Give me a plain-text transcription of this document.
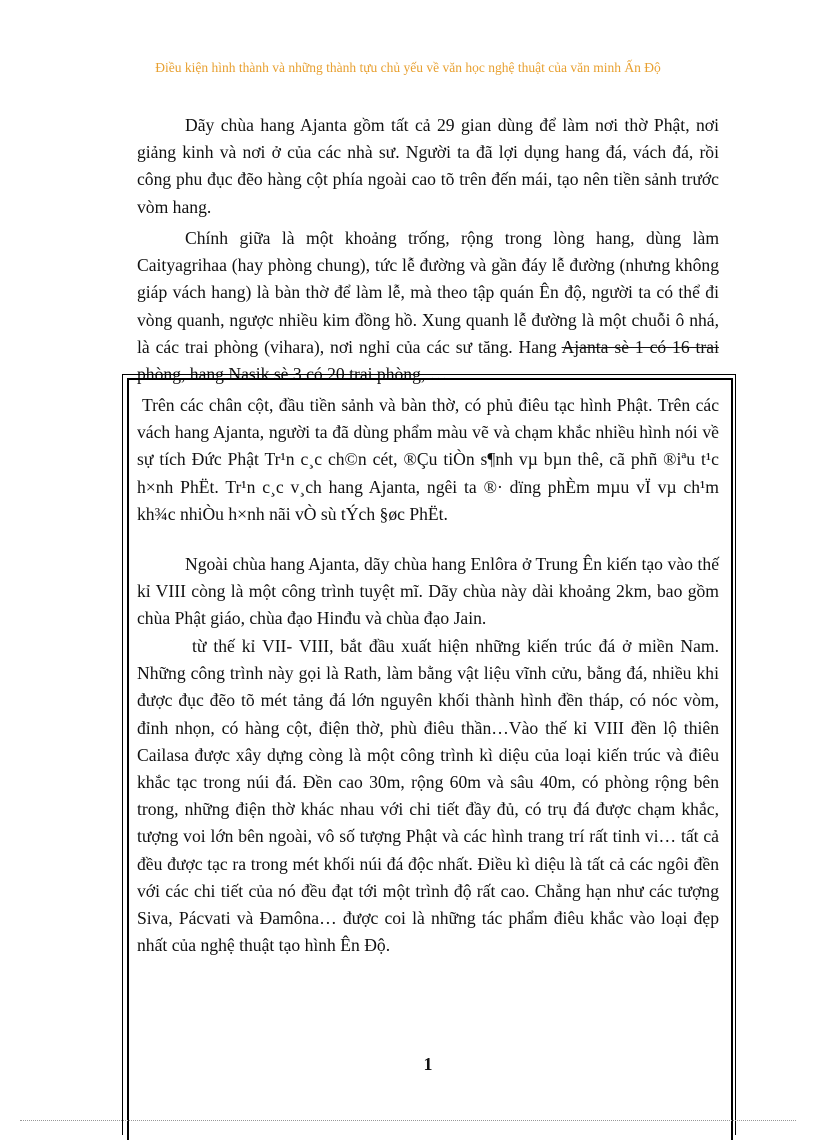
Điều kiện hình thành và những thành tựu chủ yếu về văn học nghệ thuật của văn minh Ấn Độ

Dãy chùa hang Ajanta gồm tất cả 29 gian dùng để làm nơi thờ Phật, nơi giảng kinh và nơi ở của các nhà sư. Người ta đã lợi dụng hang đá, vách đá, rồi công phu đục đẽo hàng cột phía ngoài cao tõ trên đến mái, tạo nên tiền sảnh trước vòm hang.

Chính giữa là một khoảng trống, rộng trong lòng hang, dùng làm Caityagrihaa (hay phòng chung), tức lễ đường và gần đáy lễ đường (nhưng không giáp vách hang) là bàn thờ để làm lễ, mà theo tập quán Ên độ, người ta có thể đi vòng quanh, ngược nhiều kim đồng hồ. Xung quanh lễ đường là một chuỗi ô nhá, là các trai phòng (vihara), nơi nghỉ của các sư tăng. Hang Ajanta sè 1 có 16 trai phòng, hang Nasik sè 3 có 20 trai phòng, …

Trên các chân cột, đầu tiền sảnh và bàn thờ, có phủ điêu tạc hình Phật. Trên các vách hang Ajanta, người ta đã dùng phẩm màu vẽ và chạm khắc nhiều hình nói về sự tích Đức Phật Tr¹n c¸c ch©n cét, ®Çu tiÒn s¶nh vµ bµn thê, cã phñ ®iªu t¹c h×nh PhËt. Tr¹n c¸c v¸ch hang Ajanta, ngêi ta ®· dïng phÈm mµu vÏ vµ ch¹m kh¾c nhiÒu h×nh nãi vÒ sù tÝch §øc PhËt.

Ngoài chùa hang Ajanta, dãy chùa hang Enlôra ở Trung Ên kiến tạo vào thế kỉ VIII còng là một công trình tuyệt mĩ. Dãy chùa này dài khoảng 2km, bao gồm chùa Phật giáo, chùa đạo Hinđu và chùa đạo Jain.

từ thế kỉ VII- VIII, bắt đầu xuất hiện những kiến trúc đá ở miền Nam. Những công trình này gọi là Rath, làm bằng vật liệu vĩnh cửu, bằng đá, nhiều khi được đục đẽo tõ mét tảng đá lớn nguyên khối thành hình đền tháp, có nóc vòm, đỉnh nhọn, có hàng cột, điện thờ, phù điêu thần…Vào thế kỉ VIII đền lộ thiên Cailasa được xây dựng còng là một công trình kì diệu của loại kiến trúc và điêu khắc tạc trong núi đá. Đền cao 30m, rộng 60m và sâu 40m, có phòng rộng bên trong, những điện thờ khác nhau với chi tiết đầy đủ, có trụ đá được chạm khắc, tượng voi lớn bên ngoài, vô số tượng Phật và các hình trang trí rất tinh vi… tất cả đều được tạc ra trong mét khối núi đá độc nhất. Điều kì diệu là tất cả các ngôi đền với các chi tiết của nó đều đạt tới một trình độ rất cao. Chẳng hạn như các tượng Siva, Pácvati và Đamôna… được coi là những tác phẩm điêu khắc vào loại đẹp nhất của nghệ thuật tạo hình Ên Độ.

1
